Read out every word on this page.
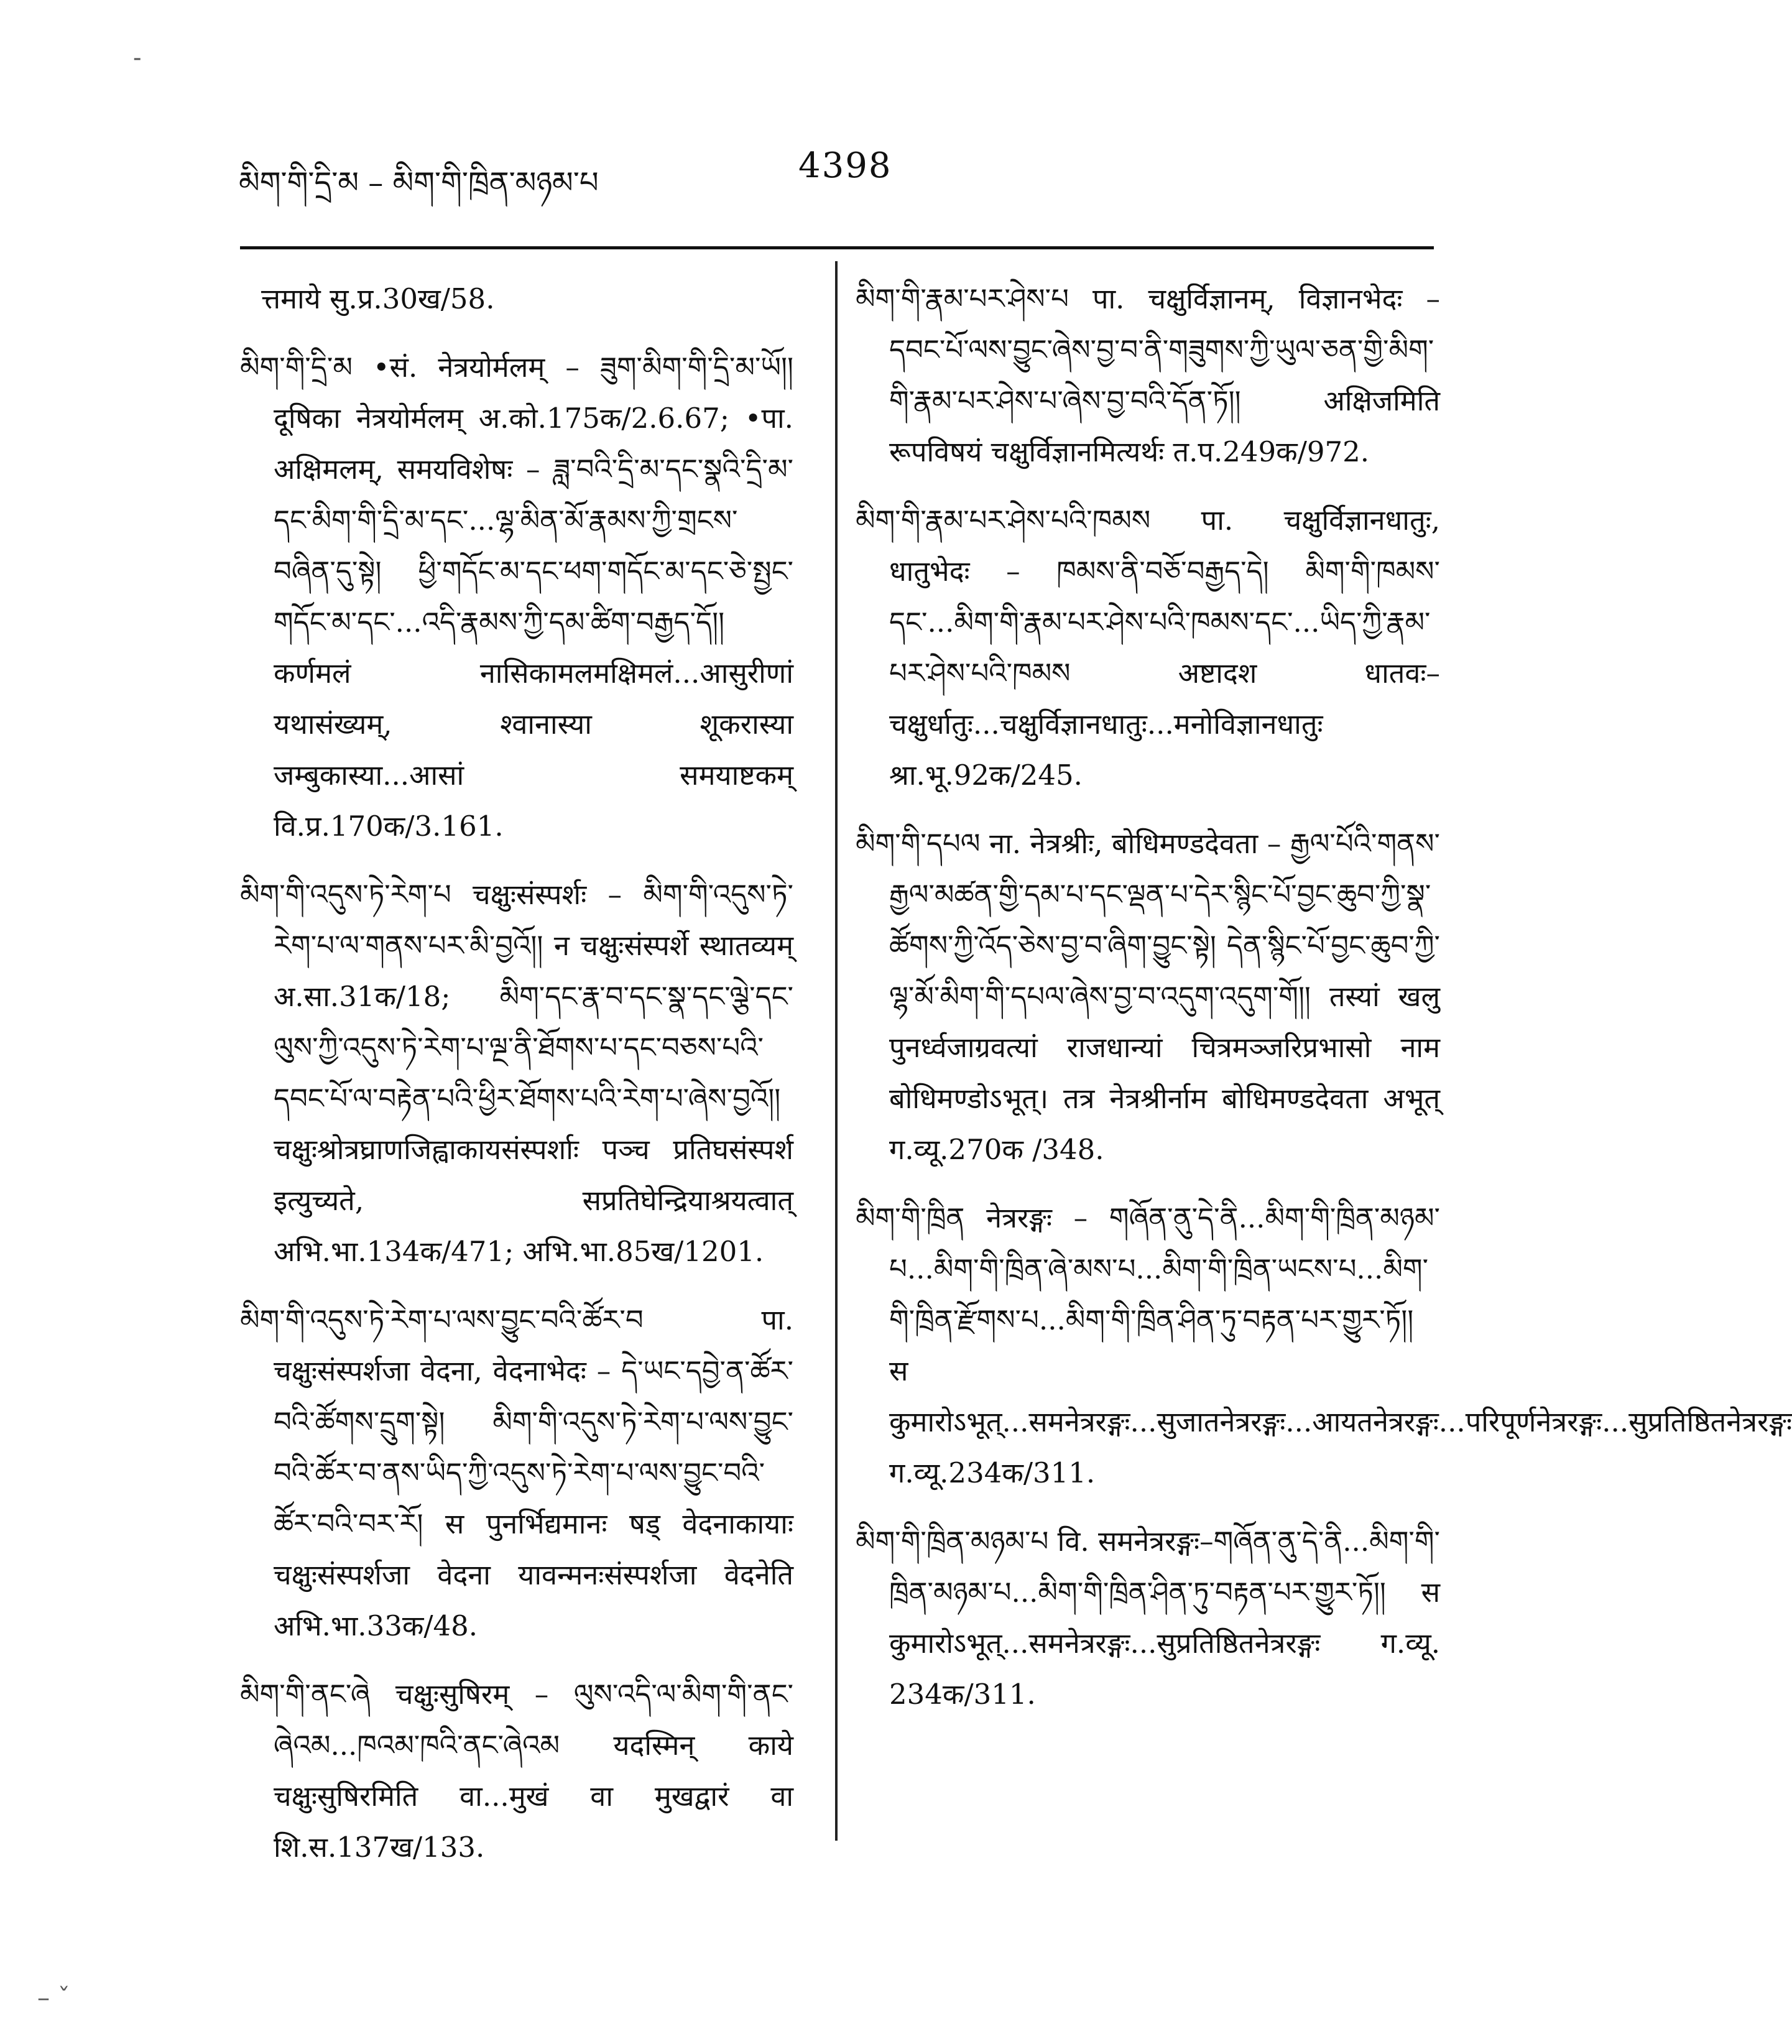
མིག་གི་དྲི་མ – མིག་གི་ཁྲིན་མཉམ་པ	4398

त्तमाये सु.प्र.30ख/58.

མིག་གི་དྲི་མ •सं. नेत्रयोर्मलम् – ཟུག་མིག་གི་དྲི་མ་ཡོ།། दूषिका नेत्रयोर्मलम् अ.को.175क/2.6.67; •पा. अक्षिमलम्, समयविशेषः – ཟླ་བའི་དྲི་མ་དང་སྣའི་དྲི་མ་དང་མིག་གི་དྲི་མ་དང་...ལྷ་མིན་མོ་རྣམས་ཀྱི་གྲངས་བཞིན་དུ་སྟེ། ཕྱི་གདོང་མ་དང་ཕག་གདོང་མ་དང་ཅེ་སྤྱང་གདོང་མ་དང་...འདི་རྣམས་ཀྱི་དམ་ཚིག་བརྒྱད་དོ།། कर्णमलं नासिकामलमक्षिमलं...आसुरीणां यथासंख्यम्, श्वानास्या शूकरास्या जम्बुकास्या...आसां समयाष्टकम् वि.प्र.170क/3.161.

མིག་གི་འདུས་ཏེ་རེག་པ चक्षुःसंस्पर्शः – མིག་གི་འདུས་ཏེ་རེག་པ་ལ་གནས་པར་མི་བྱའོ།། न चक्षुःसंस्पर्शे स्थातव्यम् अ.सा.31क/18; མིག་དང་རྣ་བ་དང་སྣ་དང་ལྕེ་དང་ལུས་ཀྱི་འདུས་ཏེ་རེག་པ་ལྔ་ནི་ཐོགས་པ་དང་བཅས་པའི་དབང་པོ་ལ་བརྟེན་པའི་ཕྱིར་ཐོགས་པའི་རེག་པ་ཞེས་བྱའོ།། चक्षुःश्रोत्रघ्राणजिह्वाकायसंस्पर्शाः पञ्च प्रतिघसंस्पर्श इत्युच्यते, सप्रतिघेन्द्रियाश्रयत्वात् अभि.भा.134क/471; अभि.भा.85ख/1201.

མིག་གི་འདུས་ཏེ་རེག་པ་ལས་བྱུང་བའི་ཚོར་བ पा. चक्षुःसंस्पर्शजा वेदना, वेदनाभेदः – དེ་ཡང་དབྱེ་ན་ཚོར་བའི་ཚོགས་དྲུག་སྟེ། མིག་གི་འདུས་ཏེ་རེག་པ་ལས་བྱུང་བའི་ཚོར་བ་ནས་ཡིད་ཀྱི་འདུས་ཏེ་རེག་པ་ལས་བྱུང་བའི་ཚོར་བའི་བར་རོ། स पुनर्भिद्यमानः षड् वेदनाकायाः चक्षुःसंस्पर्शजा वेदना यावन्मनःसंस्पर्शजा वेदनेति अभि.भा.33क/48.

མིག་གི་ནང་ཞེ चक्षुःसुषिरम् – ལུས་འདི་ལ་མིག་གི་ནང་ཞེའམ...ཁའམ་ཁའི་ནང་ཞེའམ यदस्मिन् काये चक्षुःसुषिरमिति वा...मुखं वा मुखद्वारं वा शि.स.137ख/133.

མིག་གི་རྣམ་པར་ཤེས་པ पा. चक्षुर्विज्ञानम्, विज्ञानभेदः – དབང་པོ་ལས་བྱུང་ཞེས་བྱ་བ་ནི་གཟུགས་ཀྱི་ཡུལ་ཅན་གྱི་མིག་གི་རྣམ་པར་ཤེས་པ་ཞེས་བྱ་བའི་དོན་ཏོ།། अक्षिजमिति रूपविषयं चक्षुर्विज्ञानमित्यर्थः त.प.249क/972.

མིག་གི་རྣམ་པར་ཤེས་པའི་ཁམས पा. चक्षुर्विज्ञानधातुः, धातुभेदः – ཁམས་ནི་བཅོ་བརྒྱད་དེ། མིག་གི་ཁམས་དང་...མིག་གི་རྣམ་པར་ཤེས་པའི་ཁམས་དང་...ཡིད་ཀྱི་རྣམ་པར་ཤེས་པའི་ཁམས अष्टादश धातवः–चक्षुर्धातुः...चक्षुर्विज्ञानधातुः...मनोविज्ञानधातुः श्रा.भू.92क/245.

མིག་གི་དཔལ ना. नेत्रश्रीः, बोधिमण्डदेवता – རྒྱལ་པོའི་གནས་རྒྱལ་མཚན་གྱི་དམ་པ་དང་ལྡན་པ་དེར་སྙིང་པོ་བྱང་ཆུབ་ཀྱི་སྣ་ཚོགས་ཀྱི་འོད་ཅེས་བྱ་བ་ཞིག་བྱུང་སྟེ། དེན་སྙིང་པོ་བྱང་ཆུབ་ཀྱི་ལྷ་མོ་མིག་གི་དཔལ་ཞེས་བྱ་བ་འདུག་འདུག་གོ།། तस्यां खलु पुनर्ध्वजाग्रवत्यां राजधान्यां चित्रमञ्जरिप्रभासो नाम बोधिमण्डोऽभूत्। तत्र नेत्रश्रीर्नाम बोधिमण्डदेवता अभूत् ग.व्यू.270क /348.

མིག་གི་ཁྲིན नेत्ररङ्गः – གཞོན་ནུ་དེ་ནི...མིག་གི་ཁྲིན་མཉམ་པ...མིག་གི་ཁྲིན་ཞེ་མས་པ...མིག་གི་ཁྲིན་ཡངས་པ...མིག་གི་ཁྲིན་རྫོགས་པ...མིག་གི་ཁྲིན་ཤིན་ཏུ་བརྟན་པར་གྱུར་ཏོ།། स कुमारोऽभूत्...समनेत्ररङ्गः...सुजातनेत्ररङ्गः...आयतनेत्ररङ्गः...परिपूर्णनेत्ररङ्गः...सुप्रतिष्ठितनेत्ररङ्गः ग.व्यू.234क/311.

མིག་གི་ཁྲིན་མཉམ་པ वि. समनेत्ररङ्गः–གཞོན་ནུ་དེ་ནི...མིག་གི་ཁྲིན་མཉམ་པ...མིག་གི་ཁྲིན་ཤིན་ཏུ་བརྟན་པར་གྱུར་ཏོ།། स कुमारोऽभूत्...समनेत्ररङ्गः...सुप्रतिष्ठितनेत्ररङ्गः ग.व्यू. 234क/311.

-
– ˇ
